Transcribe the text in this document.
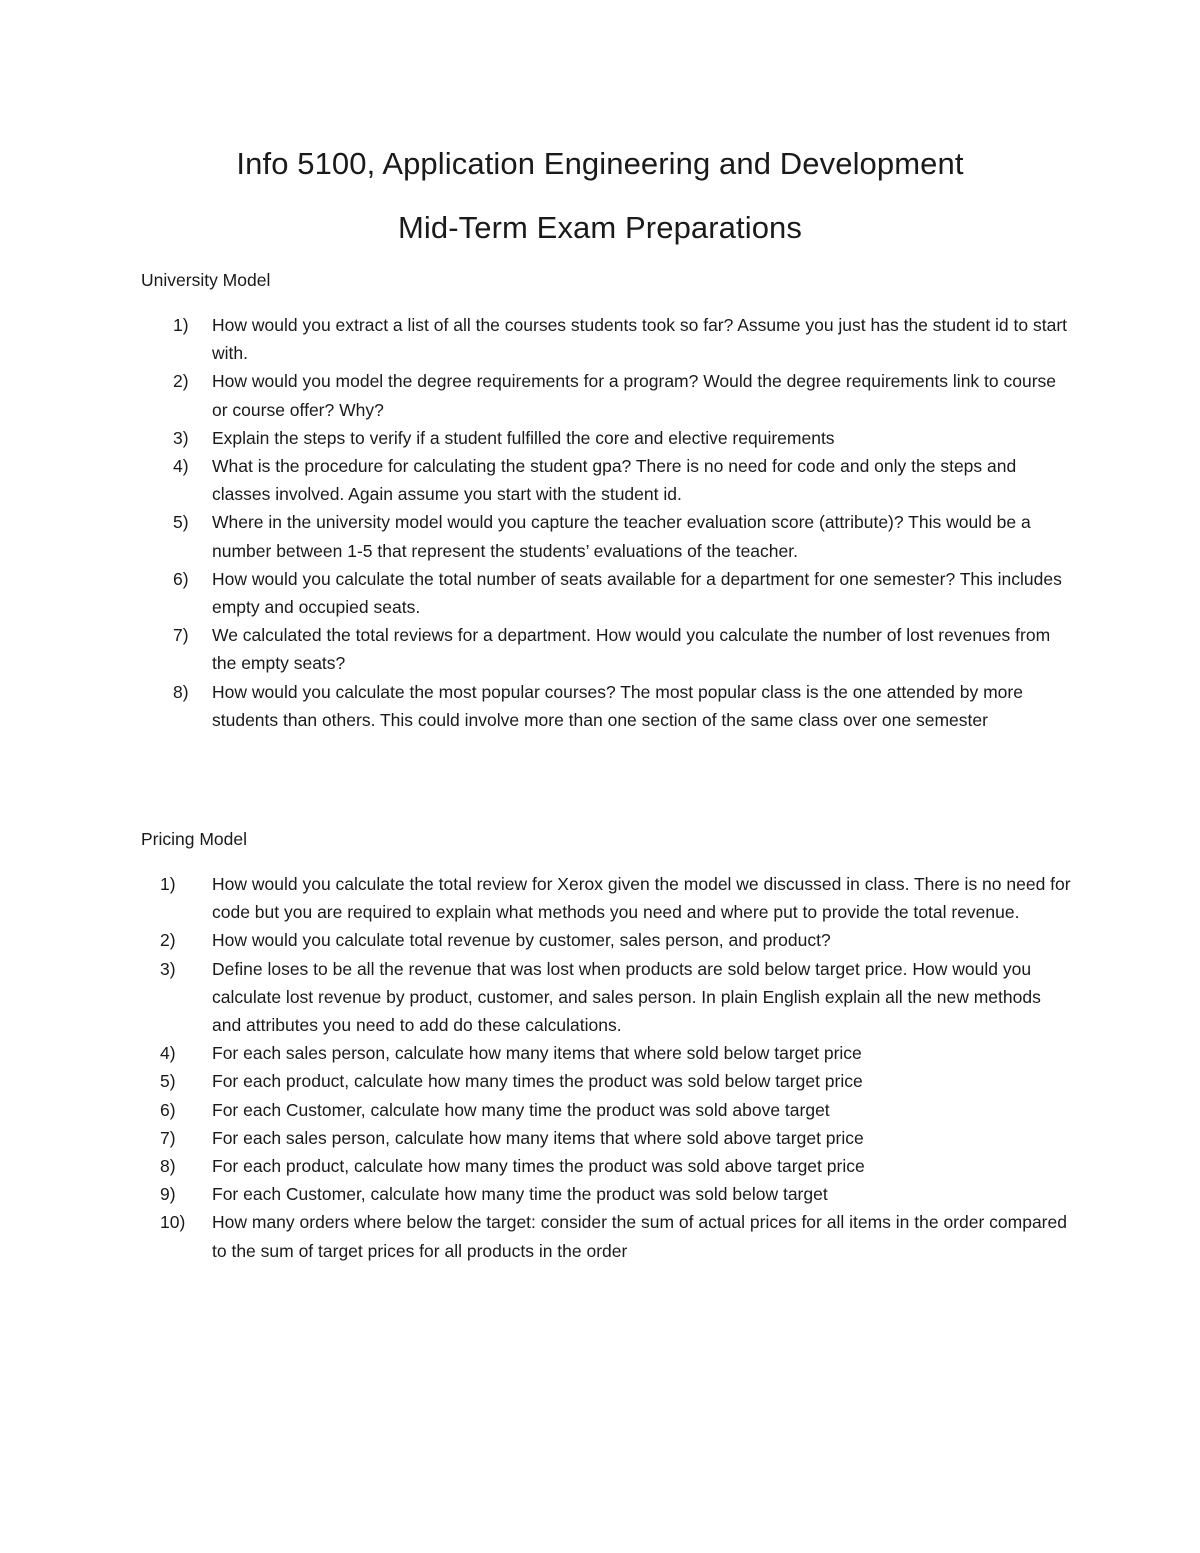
Info 5100, Application Engineering and Development
Mid-Term Exam Preparations
University Model
1)	How would you extract a list of all the courses students took so far? Assume you just has the student id to start with.
2)	How would you model the degree requirements for a program? Would the degree requirements link to course or course offer? Why?
3)	Explain the steps to verify if a student fulfilled the core and elective requirements
4)	What is the procedure for calculating the student gpa? There is no need for code and only the steps and classes involved. Again assume you start with the student id.
5)	Where in the university model would you capture the teacher evaluation score (attribute)? This would be a number between 1-5 that represent the students’ evaluations of the teacher.
6)	How would you calculate the total number of seats available for a department for one semester? This includes empty and occupied seats.
7)	We calculated the total reviews for a department. How would you calculate the number of lost revenues from the empty seats?
8)	How would you calculate the most popular courses? The most popular class is the one attended by more students than others. This could involve more than one section of the same class over one semester
Pricing Model
1)	How would you calculate the total review for Xerox given the model we discussed in class. There is no need for code but you are required to explain what methods you need and where put to provide the total revenue.
2)	How would you calculate total revenue by customer, sales person, and product?
3)	Define loses to be all the revenue that was lost when products are sold below target price. How would you calculate lost revenue by product, customer, and sales person. In plain English explain all the new methods and attributes you need to add do these calculations.
4)	For each sales person, calculate how many items that where sold below target price
5)	For each product, calculate how many times the product was sold below target price
6)	For each Customer, calculate how many time the product was sold above target
7)	For each sales person, calculate how many items that where sold above target price
8)	For each product, calculate how many times the product was sold above target price
9)	For each Customer, calculate how many time the product was sold below target
10)	How many orders where below the target: consider the sum of actual prices for all items in the order compared to the sum of target prices for all products in the order
